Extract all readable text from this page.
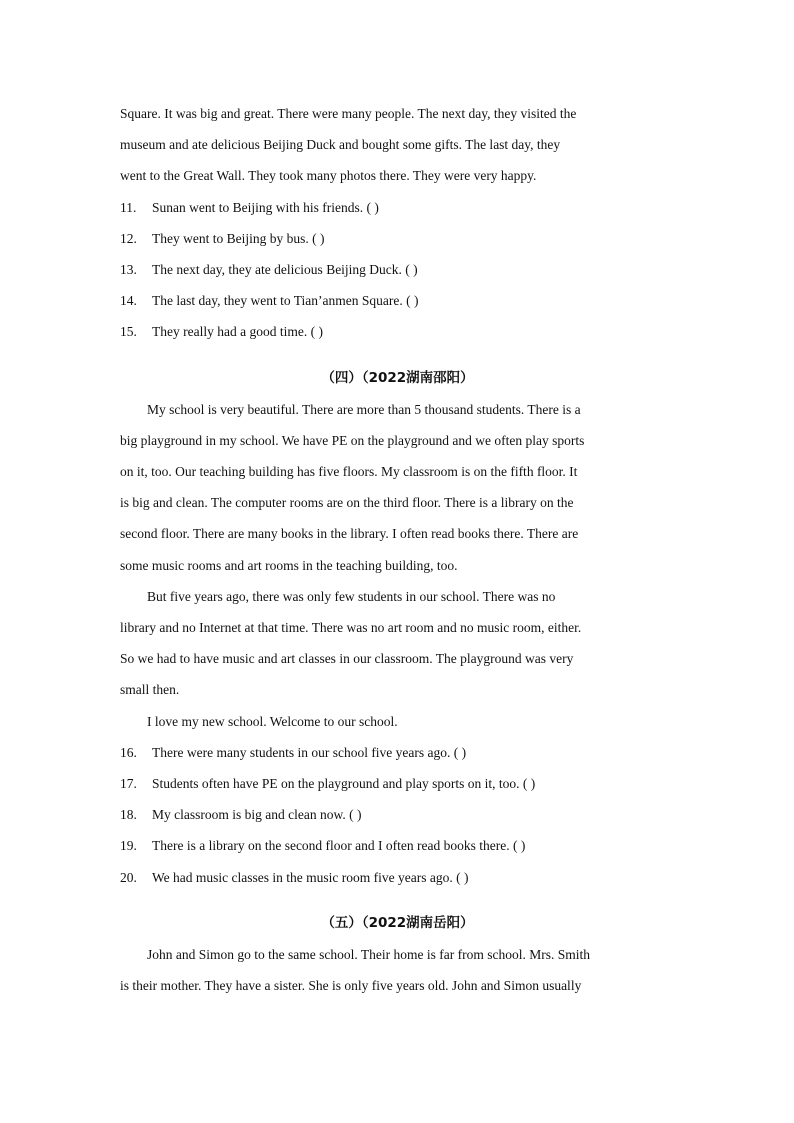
Square. It was big and great. There were many people. The next day, they visited the
museum and ate delicious Beijing Duck and bought some gifts. The last day, they
went to the Great Wall. They took many photos there. They were very happy.
11. Sunan went to Beijing with his friends. ( )
12. They went to Beijing by bus. ( )
13. The next day, they ate delicious Beijing Duck. ( )
14. The last day, they went to Tian’anmen Square. ( )
15. They really had a good time. ( )
（四）（2022湖南邵阳）
My school is very beautiful. There are more than 5 thousand students. There is a
big playground in my school. We have PE on the playground and we often play sports
on it, too. Our teaching building has five floors. My classroom is on the fifth floor. It
is big and clean. The computer rooms are on the third floor. There is a library on the
second floor. There are many books in the library. I often read books there. There are
some music rooms and art rooms in the teaching building, too.
But five years ago, there was only few students in our school. There was no
library and no Internet at that time. There was no art room and no music room, either.
So we had to have music and art classes in our classroom. The playground was very
small then.
I love my new school. Welcome to our school.
16. There were many students in our school five years ago. ( )
17. Students often have PE on the playground and play sports on it, too. ( )
18. My classroom is big and clean now. ( )
19. There is a library on the second floor and I often read books there. ( )
20. We had music classes in the music room five years ago. ( )
（五）（2022湖南岳阳）
John and Simon go to the same school. Their home is far from school. Mrs. Smith
is their mother. They have a sister. She is only five years old. John and Simon usually
